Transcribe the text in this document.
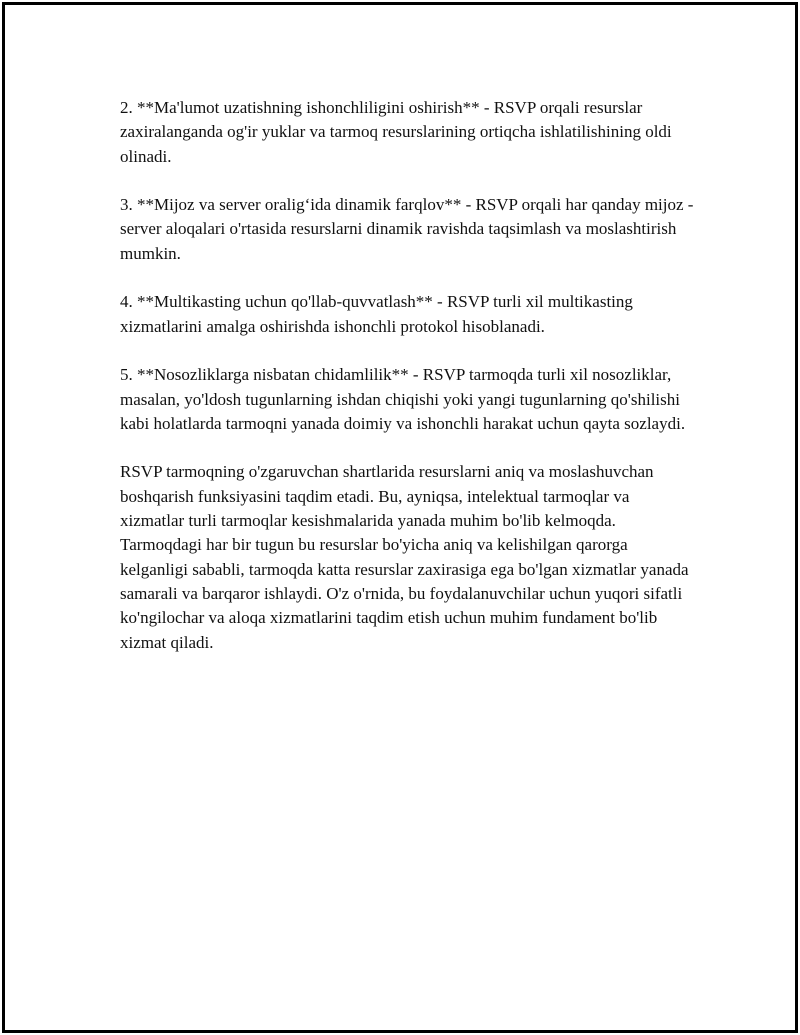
2. **Ma'lumot uzatishning ishonchliligini oshirish** - RSVP orqali resurslar zaxiralanganda og'ir yuklar va tarmoq resurslarining ortiqcha ishlatilishining oldi olinadi.

3. **Mijoz va server oralig‘ida dinamik farqlov** - RSVP orqali har qanday mijoz - server aloqalari o'rtasida resurslarni dinamik ravishda taqsimlash va moslashtirish mumkin.

4. **Multikasting uchun qo'llab-quvvatlash** - RSVP turli xil multikasting xizmatlarini amalga oshirishda ishonchli protokol hisoblanadi.

5. **Nosozliklarga nisbatan chidamlilik** - RSVP tarmoqda turli xil nosozliklar, masalan, yo'ldosh tugunlarning ishdan chiqishi yoki yangi tugunlarning qo'shilishi kabi holatlarda tarmoqni yanada doimiy va ishonchli harakat uchun qayta sozlaydi.

RSVP tarmoqning o'zgaruvchan shartlarida resurslarni aniq va moslashuvchan boshqarish funksiyasini taqdim etadi. Bu, ayniqsa, intelektual tarmoqlar va xizmatlar turli tarmoqlar kesishmalarida yanada muhim bo'lib kelmoqda. Tarmoqdagi har bir tugun bu resurslar bo'yicha aniq va kelishilgan qarorga kelganligi sababli, tarmoqda katta resurslar zaxirasiga ega bo'lgan xizmatlar yanada samarali va barqaror ishlaydi. O'z o'rnida, bu foydalanuvchilar uchun yuqori sifatli ko'ngilochar va aloqa xizmatlarini taqdim etish uchun muhim fundament bo'lib xizmat qiladi.
